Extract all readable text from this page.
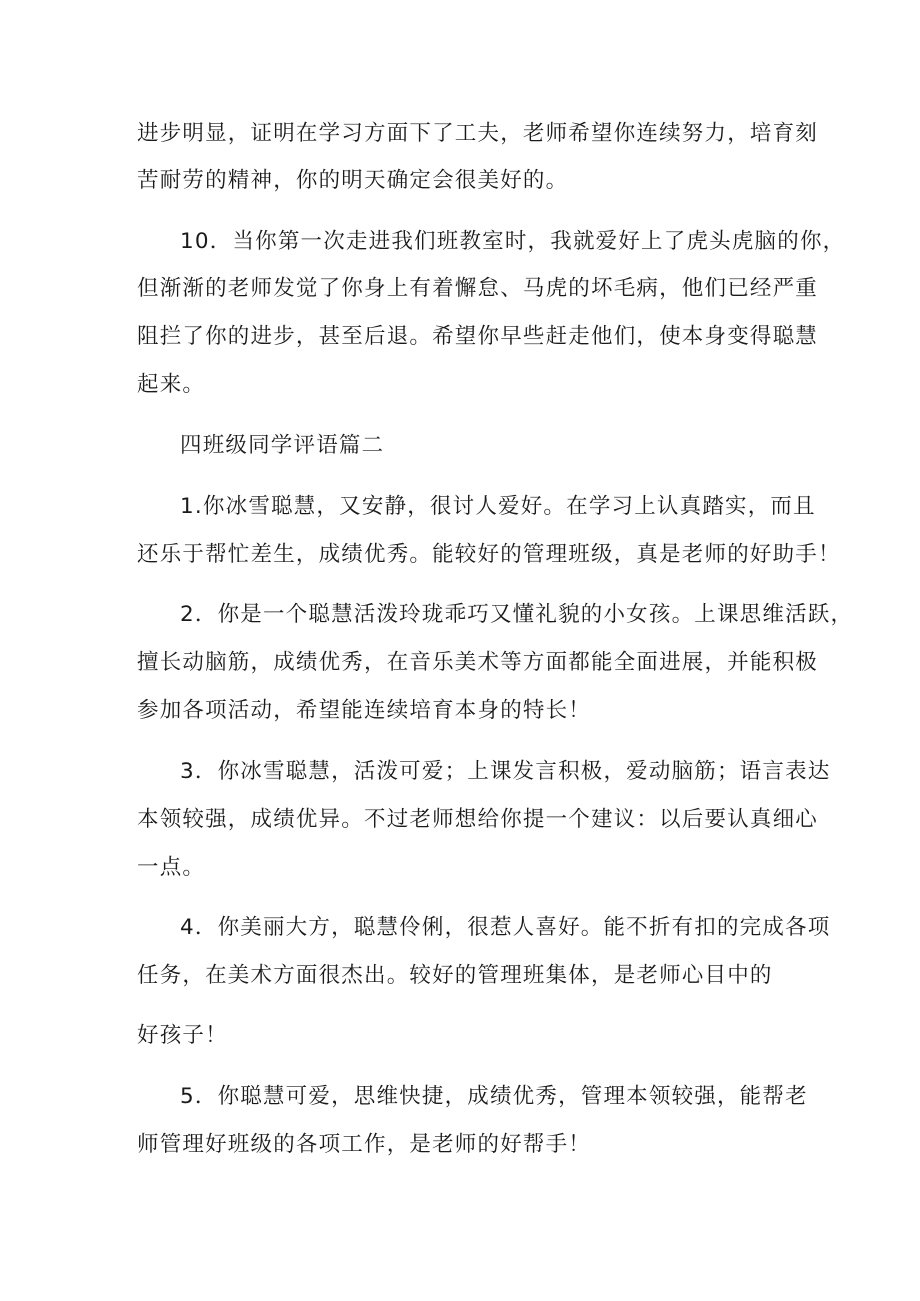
进步明显，证明在学习方面下了工夫，老师希望你连续努力，培育刻
苦耐劳的精神，你的明天确定会很美好的。
10．当你第一次走进我们班教室时，我就爱好上了虎头虎脑的你，
但渐渐的老师发觉了你身上有着懈怠、马虎的坏毛病，他们已经严重
阻拦了你的进步，甚至后退。希望你早些赶走他们，使本身变得聪慧
起来。
四班级同学评语篇二
1.你冰雪聪慧，又安静，很讨人爱好。在学习上认真踏实，而且
还乐于帮忙差生，成绩优秀。能较好的管理班级，真是老师的好助手！
2．你是一个聪慧活泼玲珑乖巧又懂礼貌的小女孩。上课思维活跃，
擅长动脑筋，成绩优秀，在音乐美术等方面都能全面进展，并能积极
参加各项活动，希望能连续培育本身的特长！
3．你冰雪聪慧，活泼可爱；上课发言积极，爱动脑筋；语言表达
本领较强，成绩优异。不过老师想给你提一个建议：以后要认真细心
一点。
4．你美丽大方，聪慧伶俐，很惹人喜好。能不折有扣的完成各项
任务，在美术方面很杰出。较好的管理班集体，是老师心目中的
好孩子！
5．你聪慧可爱，思维快捷，成绩优秀，管理本领较强，能帮老
师管理好班级的各项工作，是老师的好帮手！
